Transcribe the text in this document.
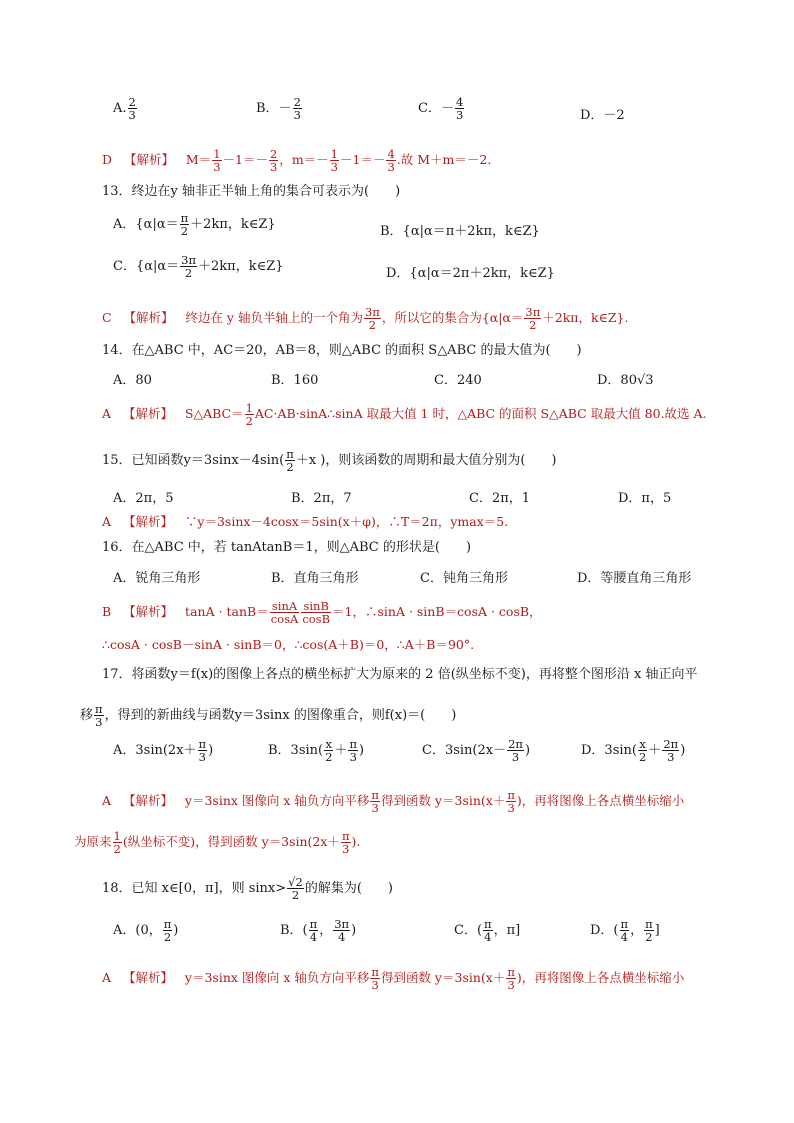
A. $\frac{2}{3}$	B．－ $\frac{2}{3}$	C．－ $\frac{4}{3}$	D．－2
D 【解析】 $M= \frac{1}{3} -1=- \frac{2}{3}$ ，$m=- \frac{1}{3} -1=- \frac{4}{3}$ .故 M＋m＝－2.
13．终边在y 轴非正半轴上角的集合可表示为(　　)
A．{$\alpha|\alpha= \frac{\pi}{2} +2k\pi$，k∈Z}	B．{α|α＝π＋2kπ，k∈Z}
C．{$\alpha|\alpha= \frac{3\pi}{2} +2k\pi$，k∈Z}	D．{α|α＝2π＋2kπ，k∈Z}
C 【解析】 终边在 y 轴负半轴上的一个角为 $\frac{3\pi}{2}$ ，所以它的集合为{$\alpha|\alpha= \frac{3\pi}{2} +2k\pi$，k∈Z}.
14．在△ABC 中，AC＝20，AB＝8，则△ABC 的面积 S△ABC 的最大值为(　　)
A．80	B．160	C．240	D．80√3
A 【解析】 S△ABC＝ $\frac{1}{2}$ AC·AB·sinA∴sinA 取最大值 1 时，△ABC 的面积 S△ABC 取最大值 80.故选 A.
15．已知函数$y=3\sin x-4\sin( \frac{\pi}{2} +x$ )，则该函数的周期和最大值分别为(　　)
A．2π，5	B．2π，7	C．2π，1	D．π，5
A 【解析】 ∵y＝3sinx－4cosx＝5sin(x＋φ)，∴T＝2π，ymax＝5.
16．在△ABC 中，若 tanAtanB＝1，则△ABC 的形状是(　　)
A．锐角三角形	B．直角三角形	C．钝角三角形	D．等腰直角三角形
B 【解析】 $\tan A \cdot \tan B= \frac{\sin A}{\cos A} \frac{\sin B}{\cos B} =1$，∴sinA · sinB＝cosA · cosB，
∴cosA · cosB－sinA · sinB＝0，∴cos(A＋B)＝0，∴A＋B＝90°.
17．将函数y＝f(x)的图像上各点的横坐标扩大为原来的 2 倍(纵坐标不变)，再将整个图形沿 x 轴正向平
移 $\frac{\pi}{3}$ ，得到的新曲线与函数y＝3sinx 的图像重合，则f(x)＝(　　)
A．$3\sin(2x+ \frac{\pi}{3}$ )	B．$3\sin( \frac{x}{2} + \frac{\pi}{3}$ )	C．$3\sin(2x- \frac{2\pi}{3}$ )	D．$3\sin( \frac{x}{2} + \frac{2\pi}{3}$ )
A 【解析】 y＝3sinx 图像向 x 轴负方向平移 $\frac{\pi}{3}$ 得到函数 $y=3\sin(x+ \frac{\pi}{3}$ )，再将图像上各点横坐标缩小
为原来 $\frac{1}{2}$ (纵坐标不变)，得到函数 $y=3\sin(2x+ \frac{\pi}{3}$ ).
18．已知 x∈[0，π]，则 $\sin x> \frac{√2}{2}$ 的解集为(　　)
A．(0， $\frac{\pi}{2}$ )	B．( $\frac{\pi}{4}$ ， $\frac{3\pi}{4}$ )	C．( $\frac{\pi}{4}$ ，π]	D．( $\frac{\pi}{4}$ ， $\frac{\pi}{2}$ ]
A 【解析】 y＝3sinx 图像向 x 轴负方向平移 $\frac{\pi}{3}$ 得到函数 $y=3\sin(x+ \frac{\pi}{3}$ )，再将图像上各点横坐标缩小
